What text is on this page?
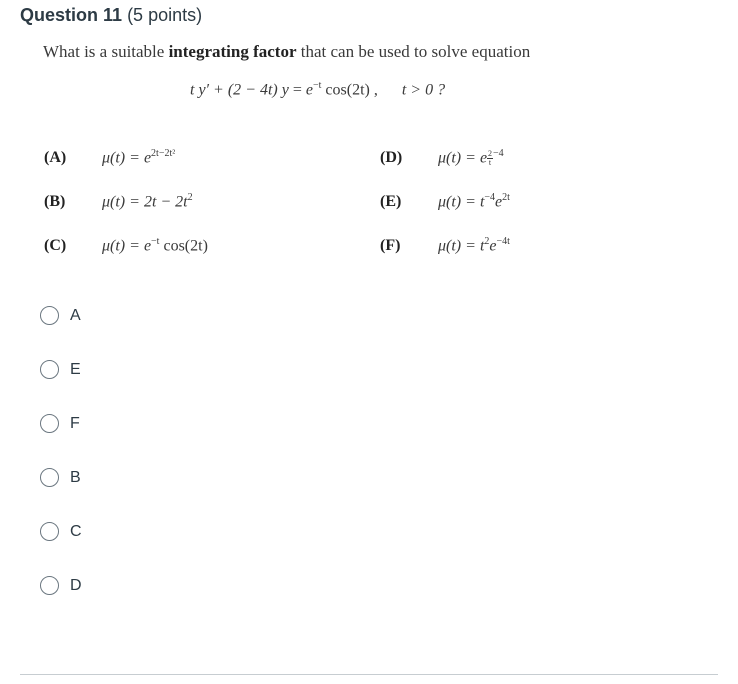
Question 11 (5 points)
What is a suitable integrating factor that can be used to solve equation
t y′ + (2 − 4t) $y = e^{-t}$ cos(2t) , t > 0 ?
(A) $\mu(t) = e^{2t-2t^2}$
(B) $\mu(t) = 2t - 2t^2$
(C) $\mu(t) = e^{-t}$ cos(2t)
(D) μ(t) = e $\frac{2}{t} ^{-4}$
(E) $\mu(t) = t^{-4}e^{2t}$
(F) $\mu(t) = t^2e^{-4t}$
A
E
F
B
C
D
